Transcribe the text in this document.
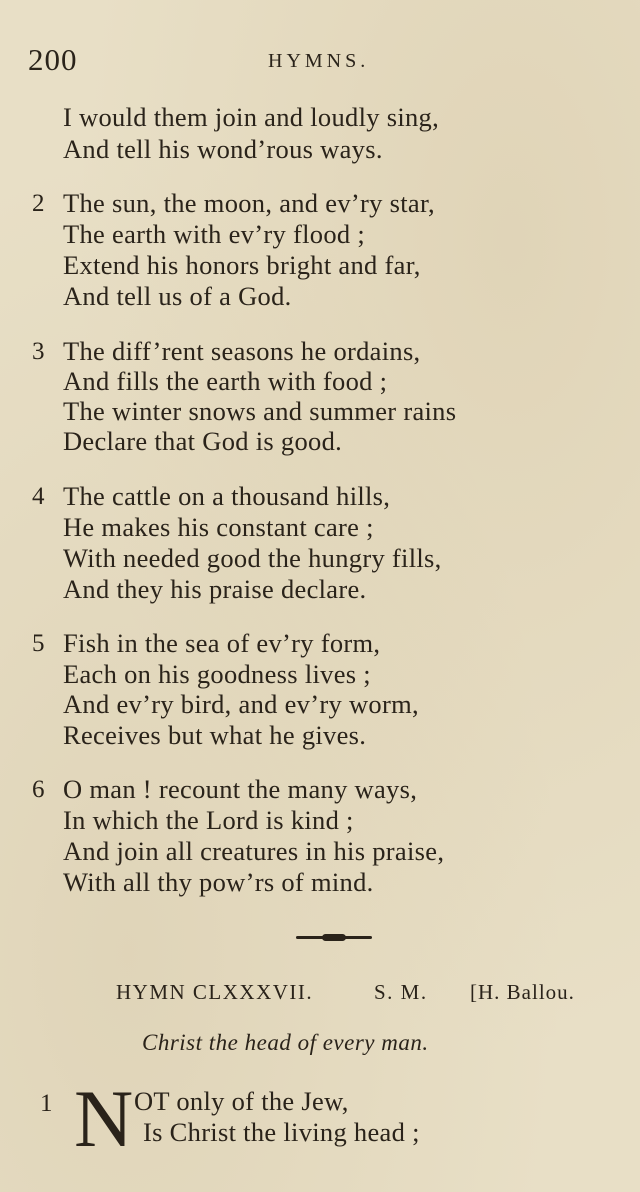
200	HYMNS.
I would them join and loudly sing,
And tell his wond’rous ways.
2 The sun, the moon, and ev’ry star,
The earth with ev’ry flood ;
Extend his honors bright and far,
And tell us of a God.
3 The diff’rent seasons he ordains,
And fills the earth with food ;
The winter snows and summer rains
Declare that God is good.
4 The cattle on a thousand hills,
He makes his constant care ;
With needed good the hungry fills,
And they his praise declare.
5 Fish in the sea of ev’ry form,
Each on his goodness lives ;
And ev’ry bird, and ev’ry worm,
Receives but what he gives.
6 O man ! recount the many ways,
In which the Lord is kind ;
And join all creatures in his praise,
With all thy pow’rs of mind.
HYMN CLXXXVII.	S. M. [H. Ballou.
Christ the head of every man.
1 N OT only of the Jew,
Is Christ the living head ;
